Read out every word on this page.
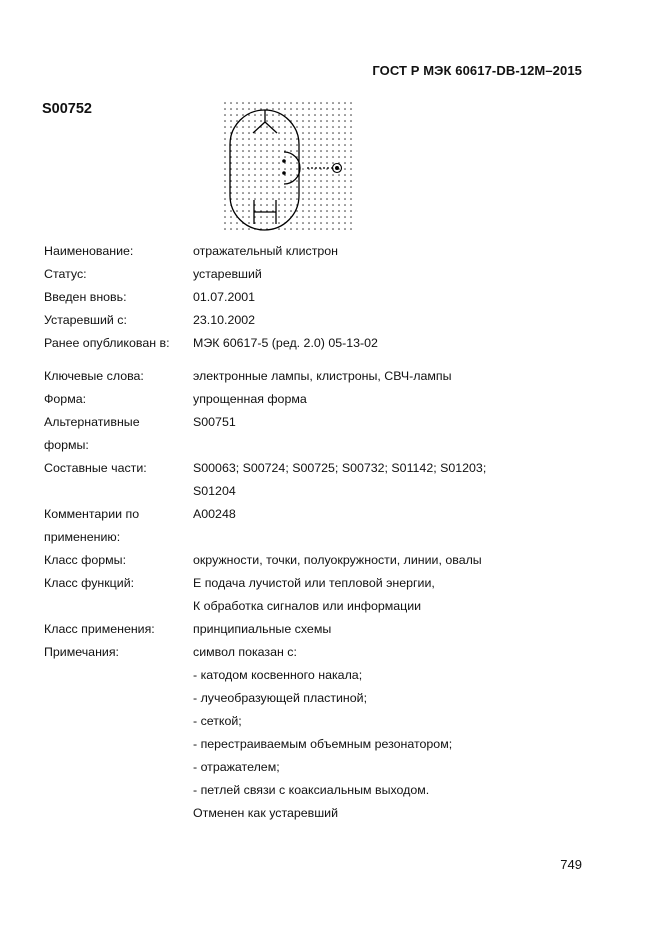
ГОСТ Р МЭК 60617-DB-12М–2015
S00752
Наименование:	отражательный клистрон
Статус:	устаревший
Введен вновь:	01.07.2001
Устаревший с:	23.10.2002
Ранее опубликован в: МЭК 60617-5 (ред. 2.0) 05-13-02
Ключевые слова:	электронные лампы, клистроны, СВЧ-лампы
Форма:	упрощенная форма
Альтернативные	S00751
формы:
Составные части:	S00063; S00724; S00725; S00732; S01142; S01203;
S01204
Комментарии по	А00248
применению:
Класс формы:	окружности, точки, полуокружности, линии, овалы
Класс функций:	Е подача лучистой или тепловой энергии,
К обработка сигналов или информации
Класс применения:	принципиальные схемы
Примечания:	символ показан с:
- катодом косвенного накала;
- лучеобразующей пластиной;
- сеткой;
- перестраиваемым объемным резонатором;
- отражателем;
- петлей связи с коаксиальным выходом.
Отменен как устаревший
749
